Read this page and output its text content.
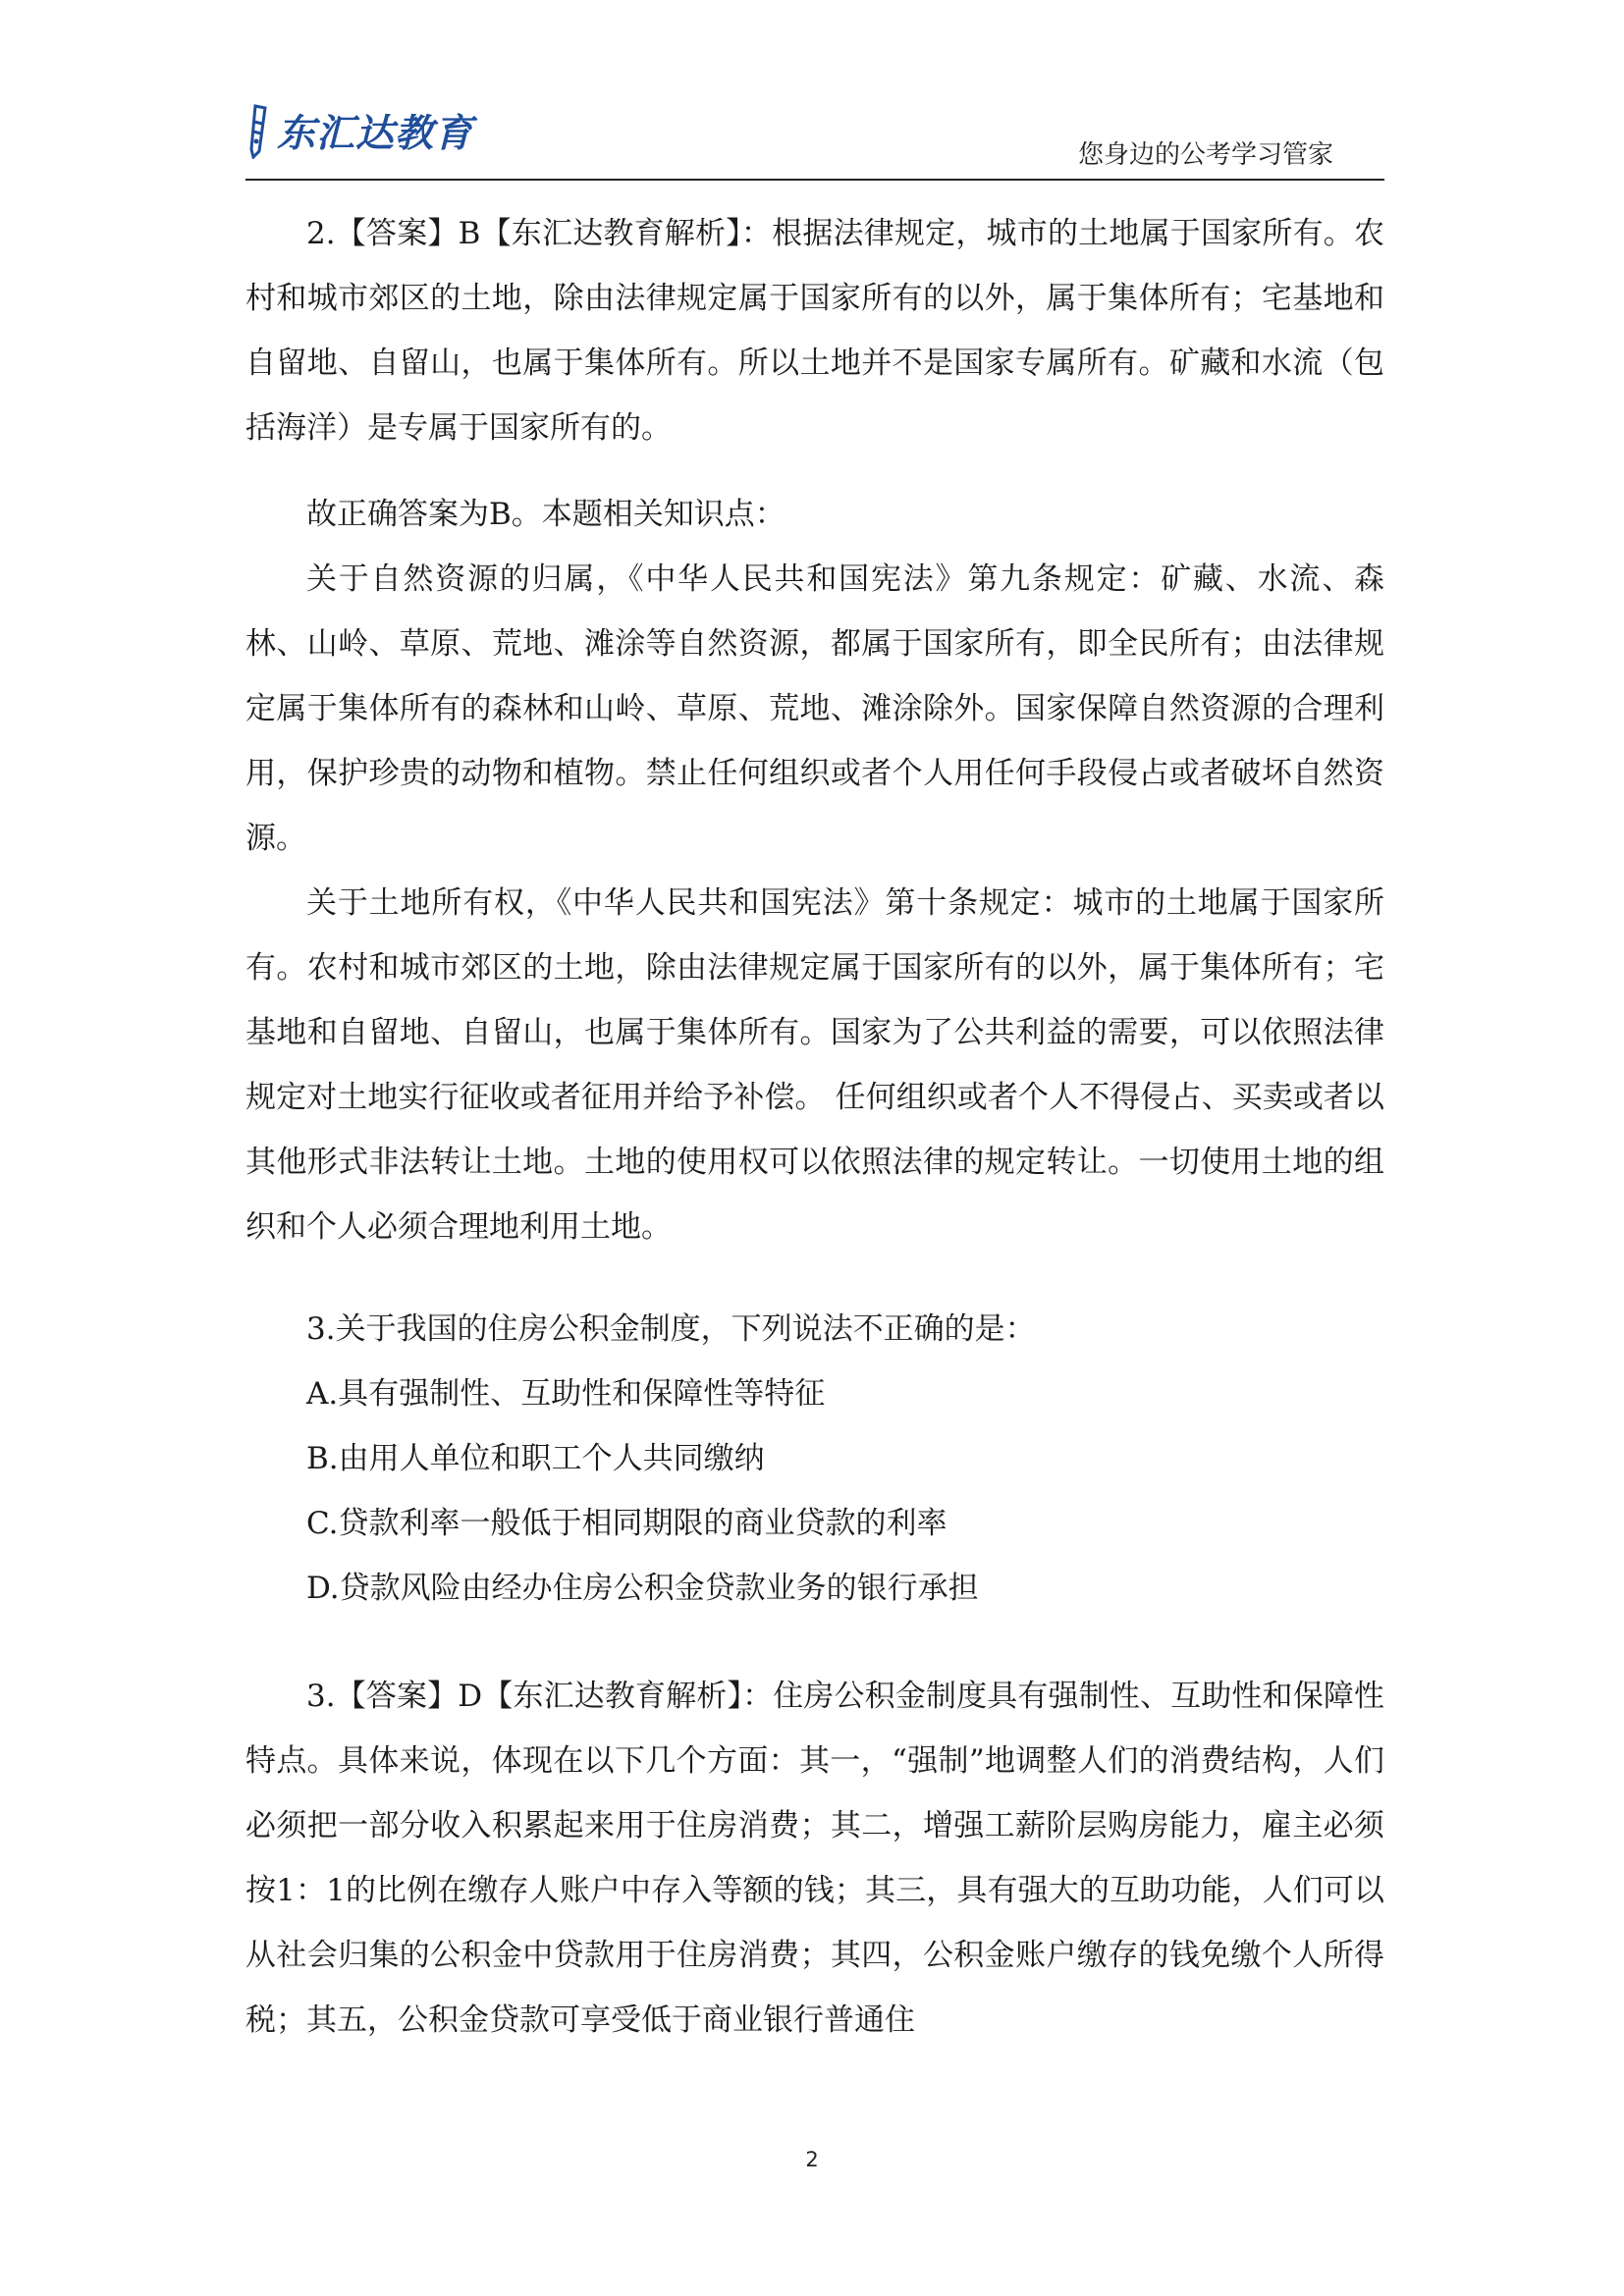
东汇达教育	您身边的公考学习管家

2.【答案】B【东汇达教育解析】：根据法律规定，城市的土地属于国家所有。农村和城市郊区的土地，除由法律规定属于国家所有的以外，属于集体所有；宅基地和自留地、自留山，也属于集体所有。所以土地并不是国家专属所有。矿藏和水流（包括海洋）是专属于国家所有的。

故正确答案为B。本题相关知识点：

关于自然资源的归属，《中华人民共和国宪法》第九条规定：矿藏、水流、森林、山岭、草原、荒地、滩涂等自然资源，都属于国家所有，即全民所有；由法律规定属于集体所有的森林和山岭、草原、荒地、滩涂除外。国家保障自然资源的合理利用，保护珍贵的动物和植物。禁止任何组织或者个人用任何手段侵占或者破坏自然资源。

关于土地所有权，《中华人民共和国宪法》第十条规定：城市的土地属于国家所有。农村和城市郊区的土地，除由法律规定属于国家所有的以外，属于集体所有；宅基地和自留地、自留山，也属于集体所有。国家为了公共利益的需要，可以依照法律规定对土地实行征收或者征用并给予补偿。 任何组织或者个人不得侵占、买卖或者以其他形式非法转让土地。土地的使用权可以依照法律的规定转让。一切使用土地的组织和个人必须合理地利用土地。

3.关于我国的住房公积金制度，下列说法不正确的是：

A.具有强制性、互助性和保障性等特征

B.由用人单位和职工个人共同缴纳

C.贷款利率一般低于相同期限的商业贷款的利率

D.贷款风险由经办住房公积金贷款业务的银行承担

3.【答案】D【东汇达教育解析】：住房公积金制度具有强制性、互助性和保障性特点。具体来说，体现在以下几个方面：其一，“强制”地调整人们的消费结构，人们必须把一部分收入积累起来用于住房消费；其二，增强工薪阶层购房能力，雇主必须按1：1的比例在缴存人账户中存入等额的钱；其三，具有强大的互助功能，人们可以从社会归集的公积金中贷款用于住房消费；其四，公积金账户缴存的钱免缴个人所得税；其五，公积金贷款可享受低于商业银行普通住

2
